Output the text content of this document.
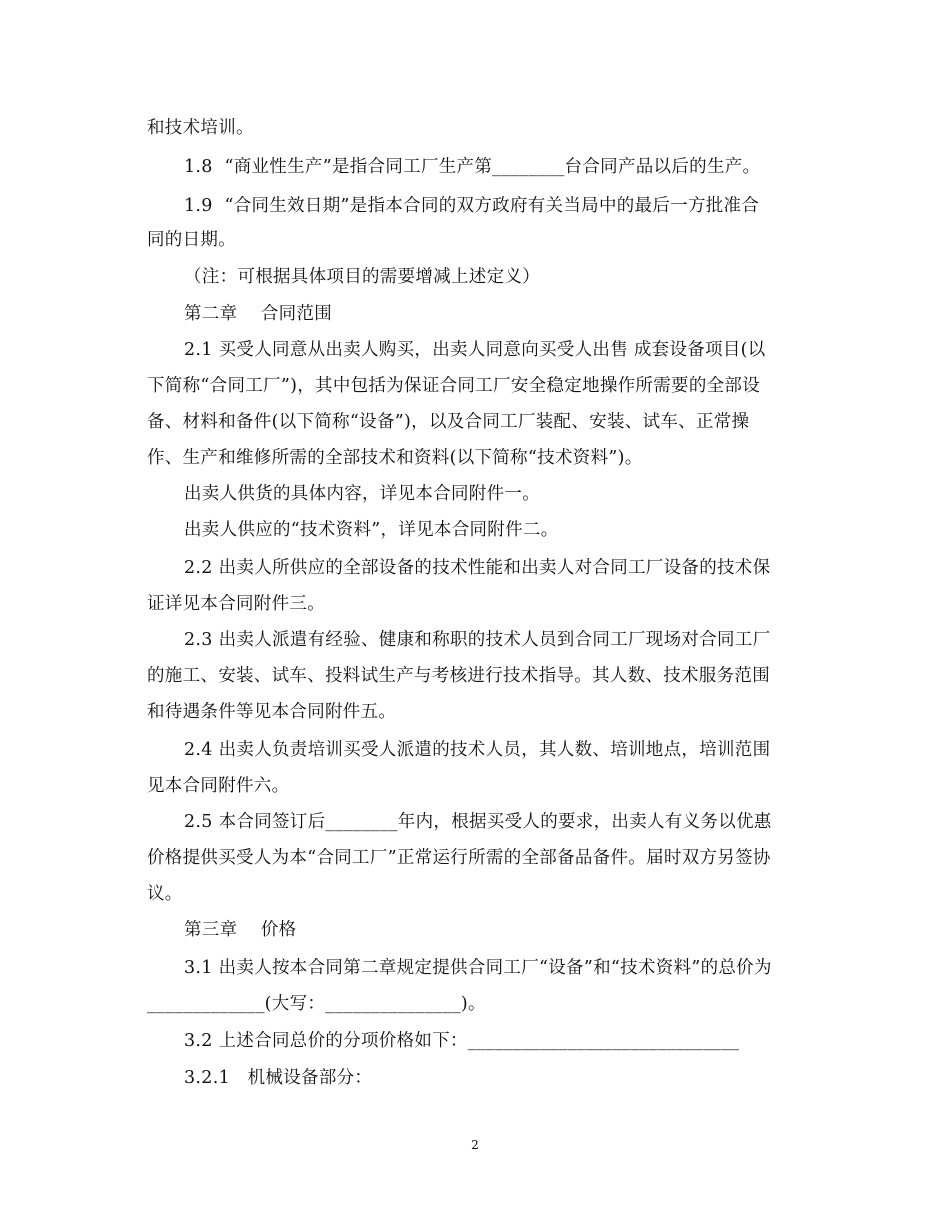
和技术培训。
1.8  “商业性生产”是指合同工厂生产第________台合同产品以后的生产。
1.9  “合同生效日期”是指本合同的双方政府有关当局中的最后一方批准合
同的日期。
（注：可根据具体项目的需要增减上述定义）
第二章    合同范围
2.1 买受人同意从出卖人购买，出卖人同意向买受人出售 成套设备项目(以
下简称“合同工厂”)，其中包括为保证合同工厂安全稳定地操作所需要的全部设
备、材料和备件(以下简称“设备”)，以及合同工厂装配、安装、试车、正常操
作、生产和维修所需的全部技术和资料(以下简称“技术资料”)。
出卖人供货的具体内容，详见本合同附件一。
出卖人供应的“技术资料”，详见本合同附件二。
2.2 出卖人所供应的全部设备的技术性能和出卖人对合同工厂设备的技术保
证详见本合同附件三。
2.3 出卖人派遣有经验、健康和称职的技术人员到合同工厂现场对合同工厂
的施工、安装、试车、投料试生产与考核进行技术指导。其人数、技术服务范围
和待遇条件等见本合同附件五。
2.4 出卖人负责培训买受人派遣的技术人员，其人数、培训地点，培训范围
见本合同附件六。
2.5 本合同签订后________年内，根据买受人的要求，出卖人有义务以优惠
价格提供买受人为本“合同工厂”正常运行所需的全部备品备件。届时双方另签协
议。
第三章    价格
3.1 出卖人按本合同第二章规定提供合同工厂“设备”和“技术资料”的总价为
_____________(大写：_______________)。
3.2 上述合同总价的分项价格如下：______________________________
3.2.1   机械设备部分：
2
